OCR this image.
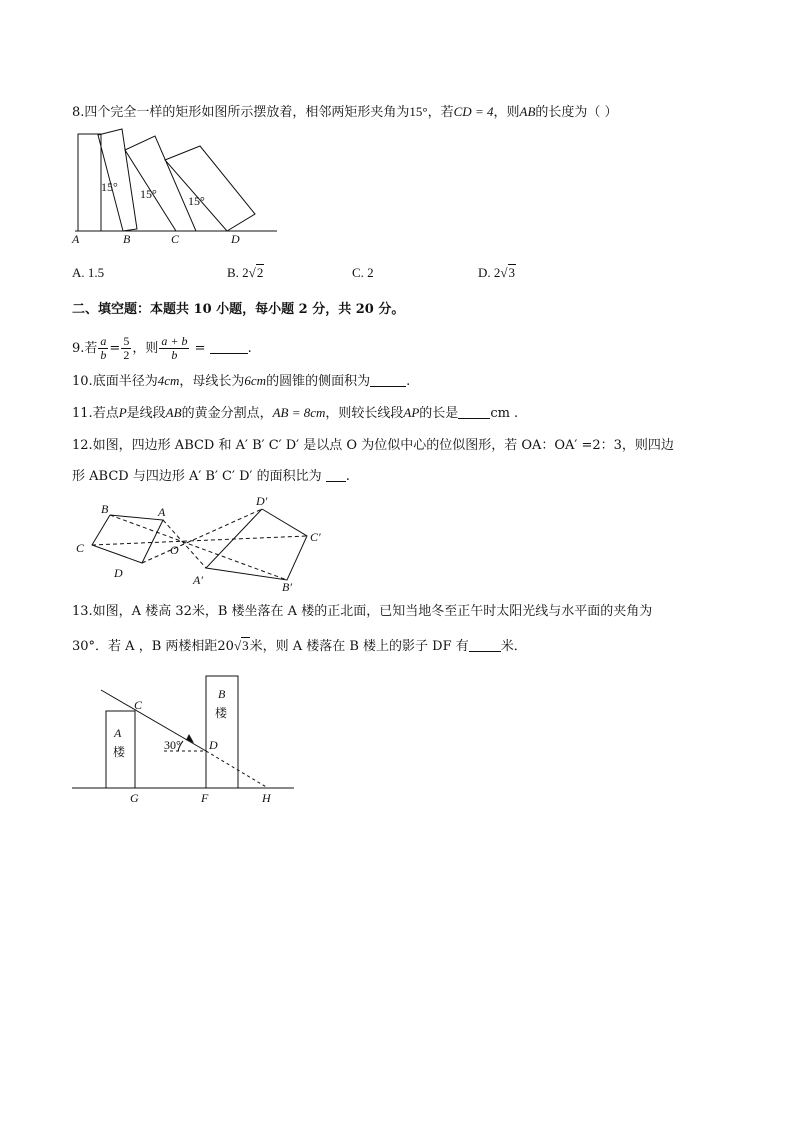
8.四个完全一样的矩形如图所示摆放着，相邻两矩形夹角为15°，若CD = 4，则AB的长度为（ ）
15° 15°	15°
A	B	C	D
A. 1.5	B. 2√2	C. 2	D. 2√3
二、填空题：本题共 10 小题，每小题 2 分，共 20 分。
9.若 $\frac{a}{b} = \frac{5}{2}$ ，则 $\frac{a + b}{b}$ =	.
10.底面半径为4cm，母线长为6cm的圆锥的侧面积为	.
11.若点P是线段AB的黄金分割点，AB = 8cm，则较长线段AP的长是 cm .
12.如图，四边形 ABCD 和 A′ B′ C′ D′ 是以点 O 为位似中心的位似图形，若 OA：OA′ =2：3，则四边
形 ABCD 与四边形 A′ B′ C′ D′ 的面积比为 .
B	A
C	O
D
D′
C′
A′	B′
13.如图，A 楼高 32米，B 楼坐落在 A 楼的正北面，已知当地冬至正午时太阳光线与水平面的夹角为
30°．若 A ，B 两楼相距20√3米，则 A 楼落在 B 楼上的影子 DF 有 米．
A
楼
B
楼
30°
C
D
G	F	H
